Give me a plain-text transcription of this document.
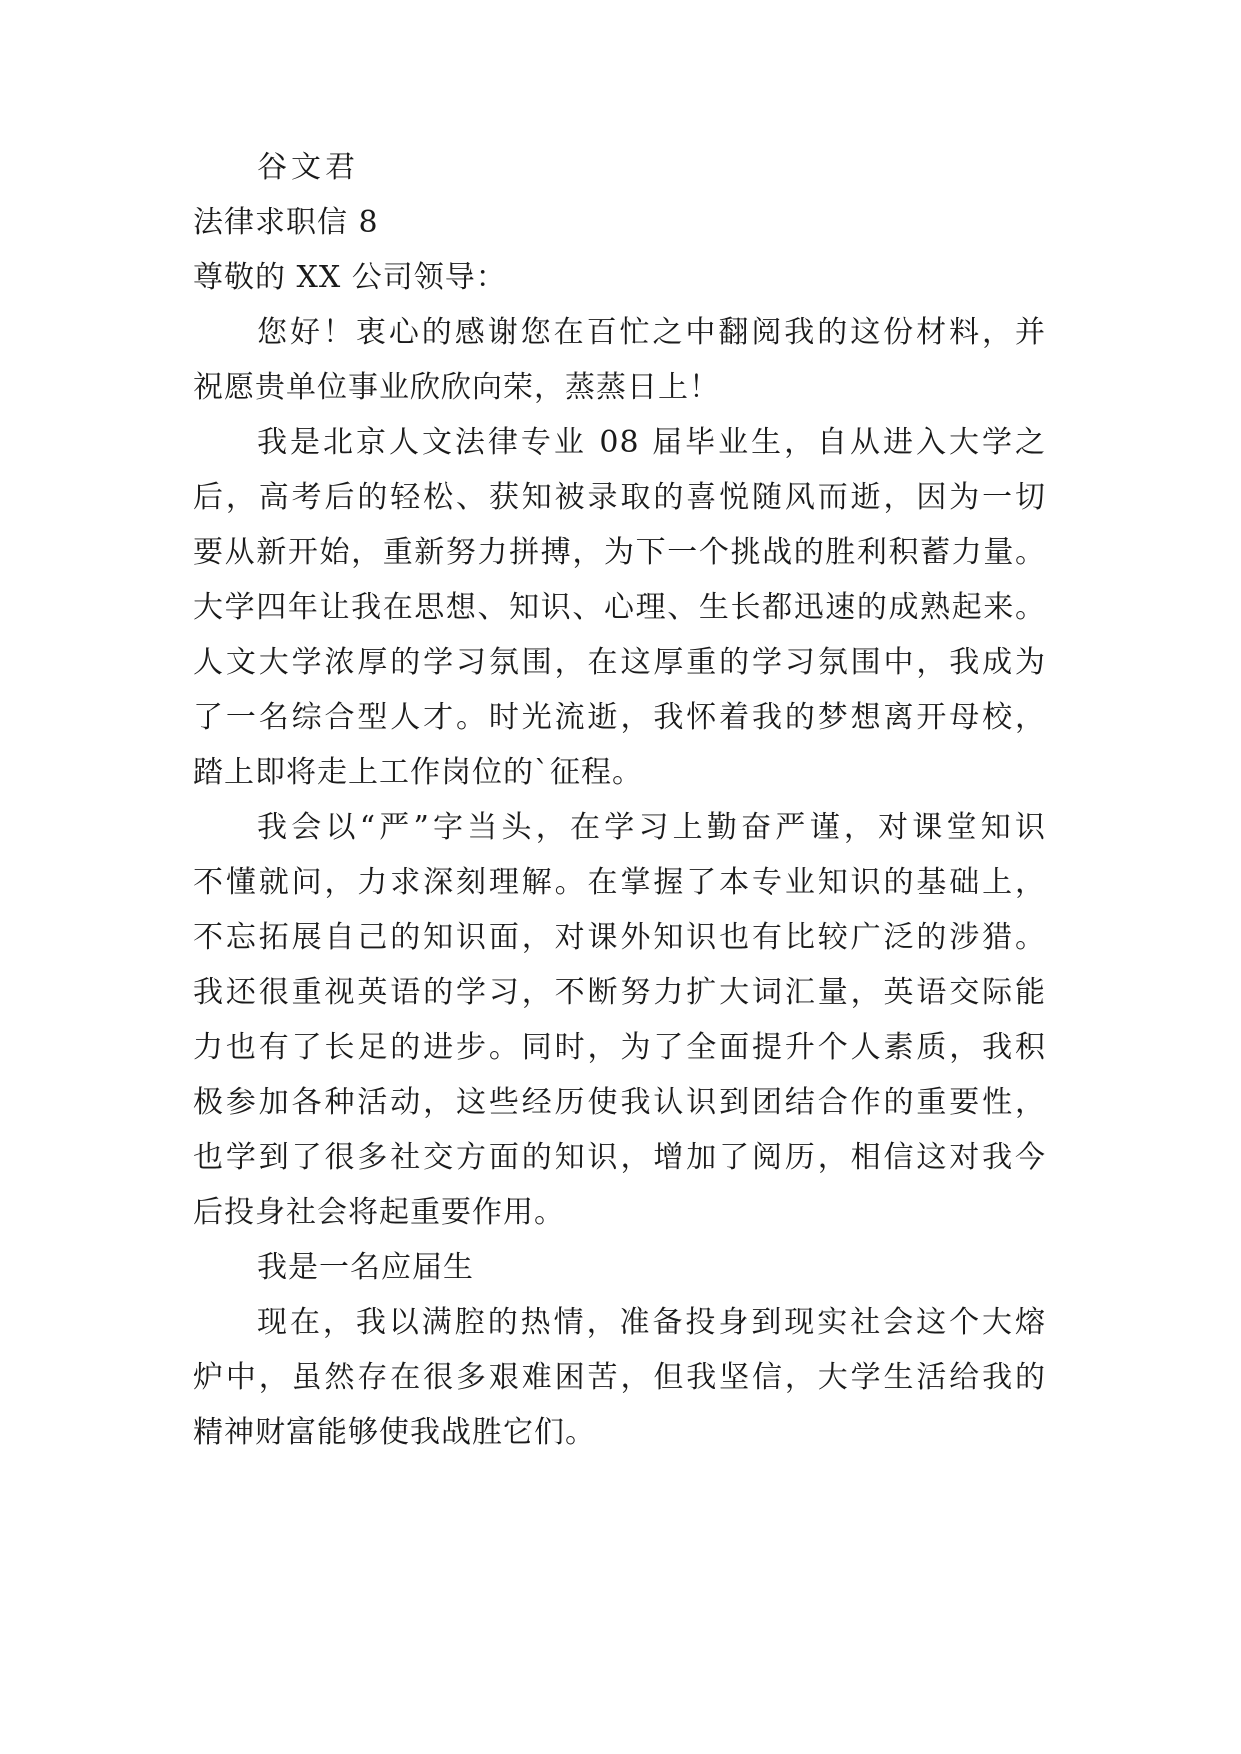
谷文君
法律求职信 8
尊敬的 XX 公司领导：
您好！衷心的感谢您在百忙之中翻阅我的这份材料，并
祝愿贵单位事业欣欣向荣，蒸蒸日上！
我是北京人文法律专业 08 届毕业生，自从进入大学之
后，高考后的轻松、获知被录取的喜悦随风而逝，因为一切
要从新开始，重新努力拼搏，为下一个挑战的胜利积蓄力量。
大学四年让我在思想、知识、心理、生长都迅速的成熟起来。
人文大学浓厚的学习氛围，在这厚重的学习氛围中，我成为
了一名综合型人才。时光流逝，我怀着我的梦想离开母校，
踏上即将走上工作岗位的`征程。
我会以“严”字当头，在学习上勤奋严谨，对课堂知识
不懂就问，力求深刻理解。在掌握了本专业知识的基础上，
不忘拓展自己的知识面，对课外知识也有比较广泛的涉猎。
我还很重视英语的学习，不断努力扩大词汇量，英语交际能
力也有了长足的进步。同时，为了全面提升个人素质，我积
极参加各种活动，这些经历使我认识到团结合作的重要性，
也学到了很多社交方面的知识，增加了阅历，相信这对我今
后投身社会将起重要作用。
我是一名应届生
现在，我以满腔的热情，准备投身到现实社会这个大熔
炉中，虽然存在很多艰难困苦，但我坚信，大学生活给我的
精神财富能够使我战胜它们。
